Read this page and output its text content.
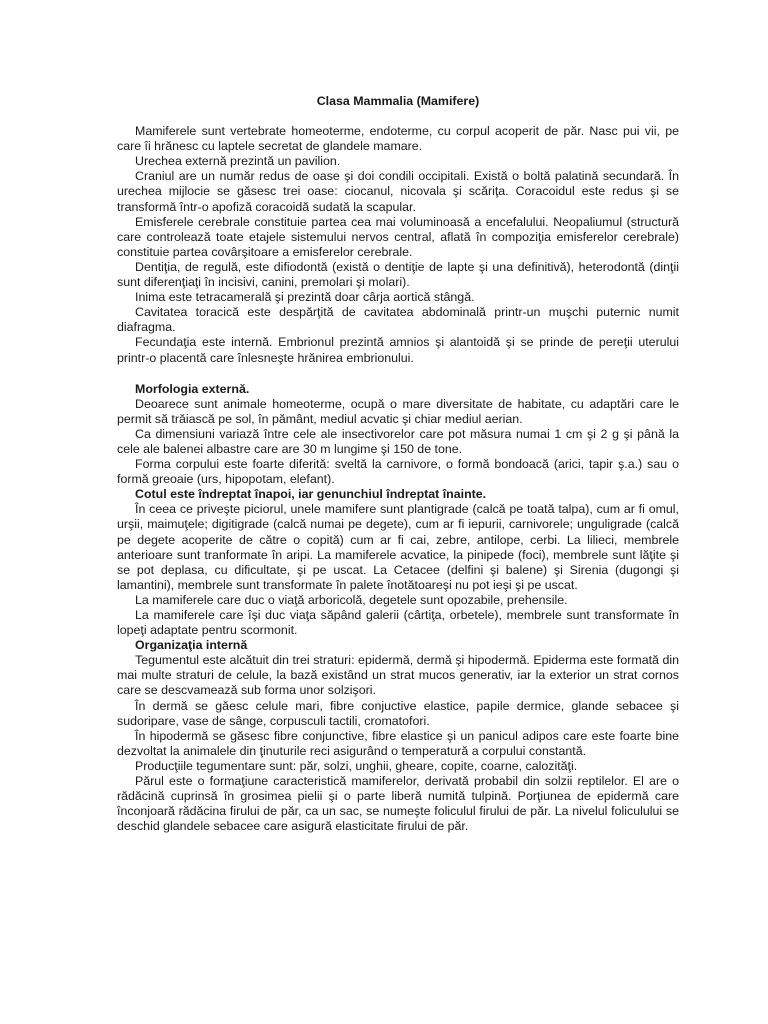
Clasa Mammalia (Mamifere)

Mamiferele sunt vertebrate homeoterme, endoterme, cu corpul acoperit de păr. Nasc pui vii, pe care îi hrănesc cu laptele secretat de glandele mamare.

Urechea externă prezintă un pavilion.

Craniul are un număr redus de oase şi doi condili occipitali. Există o boltă palatină secundară. În urechea mijlocie se găsesc trei oase: ciocanul, nicovala şi scăriţa. Coracoidul este redus şi se transformă într-o apofiză coracoidă sudată la scapular.

Emisferele cerebrale constituie partea cea mai voluminoasă a encefalului. Neopaliumul (structură care controlează toate etajele sistemului nervos central, aflată în compoziţia emisferelor cerebrale) constituie partea covârşitoare a emisferelor cerebrale.

Dentiţia, de regulă, este difiodontă (există o dentiţie de lapte şi una definitivă), heterodontă (dinţii sunt diferenţiaţi în incisivi, canini, premolari şi molari).

Inima este tetracamerală şi prezintă doar cârja aortică stângă.

Cavitatea toracică este despărţită de cavitatea abdominală printr-un muşchi puternic numit diafragma.

Fecundaţia este internă. Embrionul prezintă amnios şi alantoidă şi se prinde de pereţii uterului printr-o placentă care înlesneşte hrănirea embrionului.

Morfologia externă.

Deoarece sunt animale homeoterme, ocupă o mare diversitate de habitate, cu adaptări care le permit să trăiască pe sol, în pământ, mediul acvatic şi chiar mediul aerian.

Ca dimensiuni variază între cele ale insectivorelor care pot măsura numai 1 cm şi 2 g şi până la cele ale balenei albastre care are 30 m lungime şi 150 de tone.

Forma corpului este foarte diferită: sveltă la carnivore, o formă bondoacă (arici, tapir ş.a.) sau o formă greoaie (urs, hipopotam, elefant).

Cotul este îndreptat înapoi, iar genunchiul îndreptat înainte.

În ceea ce priveşte piciorul, unele mamifere sunt plantigrade (calcă pe toată talpa), cum ar fi omul, urşii, maimuţele; digitigrade (calcă numai pe degete), cum ar fi iepurii, carnivorele; unguligrade (calcă pe degete acoperite de către o copită) cum ar fi cai, zebre, antilope, cerbi. La lilieci, membrele anterioare sunt tranformate în aripi. La mamiferele acvatice, la pinipede (foci), membrele sunt lăţite şi se pot deplasa, cu dificultate, şi pe uscat. La Cetacee (delfini şi balene) şi Sirenia (dugongi şi lamantini), membrele sunt transformate în palete înotătoareşi nu pot ieşi şi pe uscat.

La mamiferele care duc o viaţă arboricolă, degetele sunt opozabile, prehensile.

La mamiferele care îşi duc viaţa săpând galerii (cârtiţa, orbetele), membrele sunt transformate în lopeţi adaptate pentru scormonit.

Organizaţia internă

Tegumentul este alcătuit din trei straturi: epidermă, dermă şi hipodermă. Epiderma este formată din mai multe straturi de celule, la bază existând un strat mucos generativ, iar la exterior un strat cornos care se descvamează sub forma unor solzişori.

În dermă se găesc celule mari, fibre conjuctive elastice, papile dermice, glande sebacee şi sudoripare, vase de sânge, corpusculi tactili, cromatofori.

În hipodermă se găsesc fibre conjunctive, fibre elastice şi un panicul adipos care este foarte bine dezvoltat la animalele din ţinuturile reci asigurând o temperatură a corpului constantă.

Producţiile tegumentare sunt: păr, solzi, unghii, gheare, copite, coarne, calozităţi.

Părul este o formaţiune caracteristică mamiferelor, derivată probabil din solzii reptilelor. El are o rădăcină cuprinsă în grosimea pielii şi o parte liberă numită tulpină. Porţiunea de epidermă care înconjoară rădăcina firului de păr, ca un sac, se numeşte foliculul firului de păr. La nivelul foliculului se deschid glandele sebacee care asigură elasticitate firului de păr.
